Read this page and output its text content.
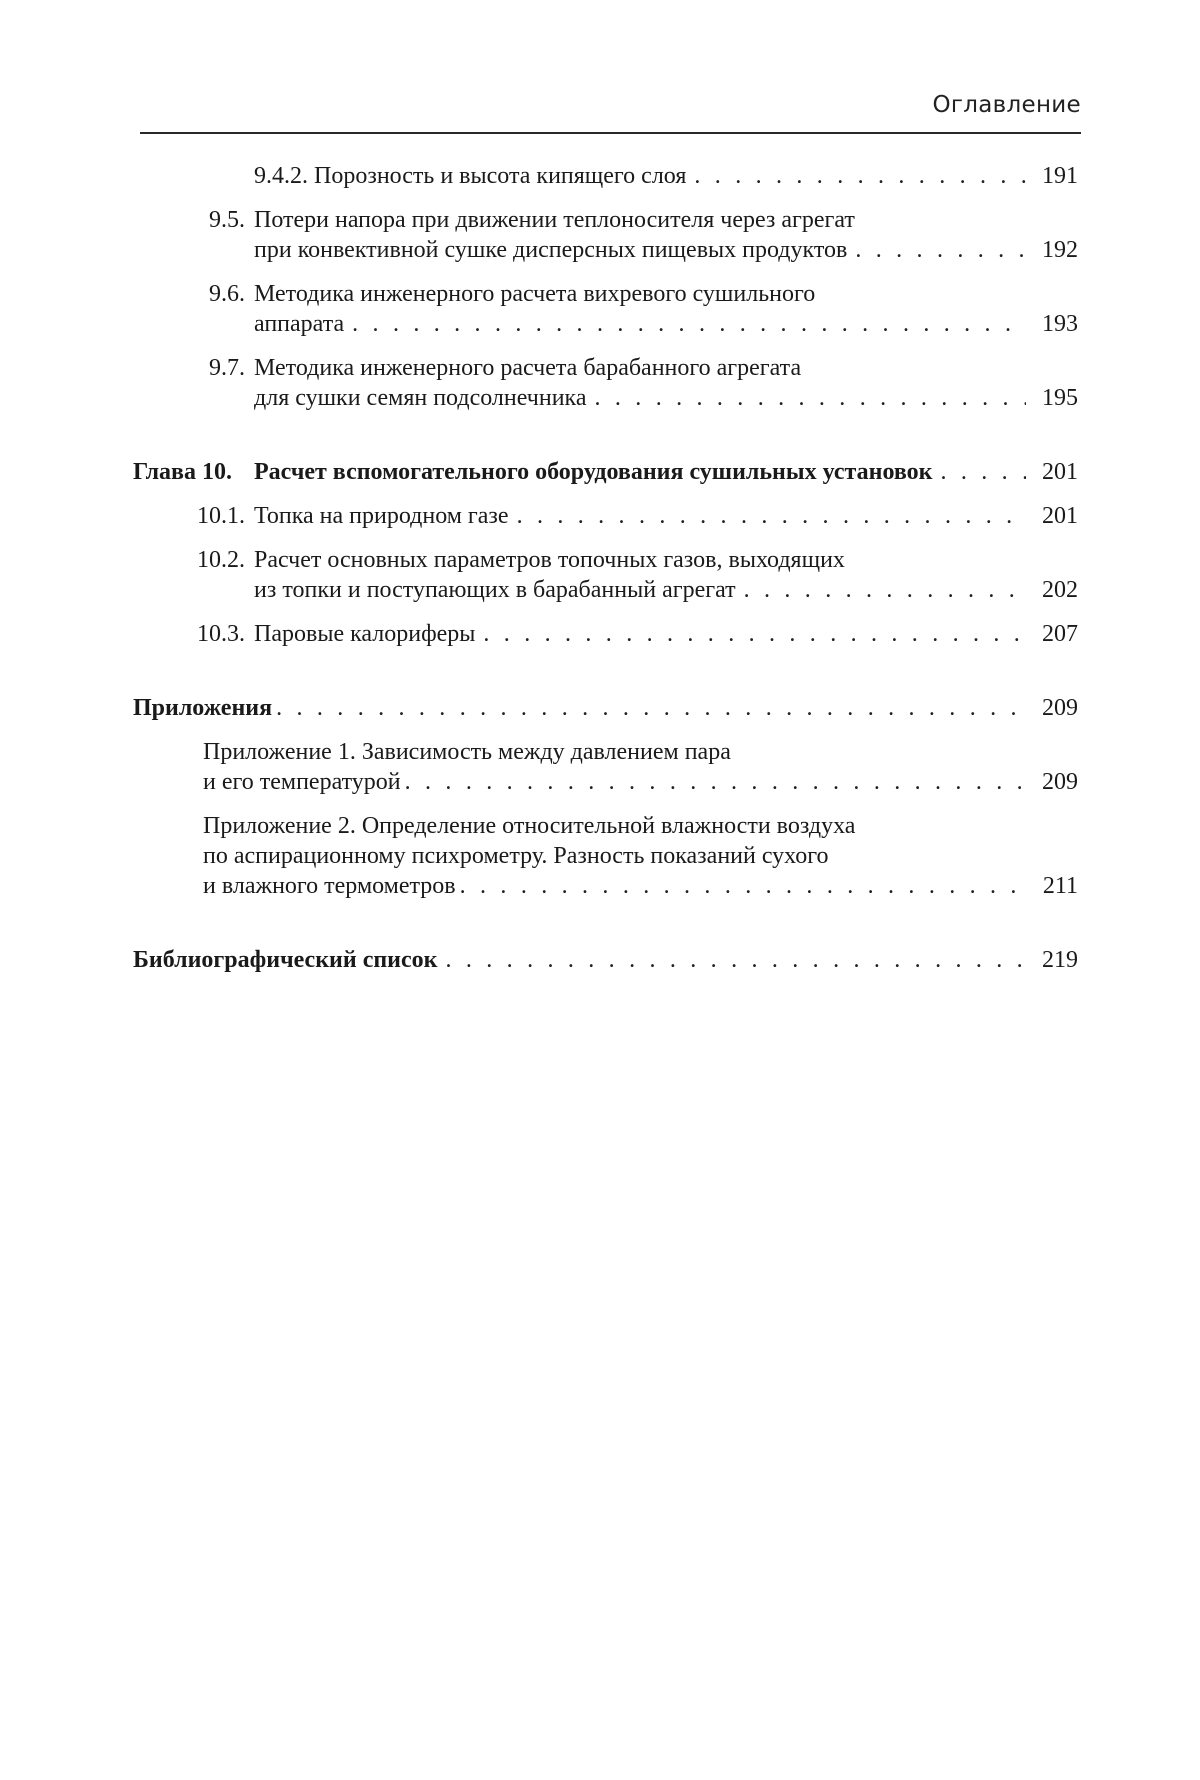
Оглавление
9.4.2. Порозность и высота кипящего слоя . . .	191
9.5. Потери напора при движении теплоносителя через агрегат
при конвективной сушке дисперсных пищевых продуктов . . .	192
9.6. Методика инженерного расчета вихревого сушильного
аппарата . . .	193
9.7. Методика инженерного расчета барабанного агрегата
для сушки семян подсолнечника . . .	195
Глава 10. Расчет вспомогательного оборудования сушильных установок . . .	201
10.1. Топка на природном газе . . .	201
10.2. Расчет основных параметров топочных газов, выходящих
из топки и поступающих в барабанный агрегат . . .	202
10.3. Паровые калориферы . . .	207
Приложения . . .	209
Приложение 1. Зависимость между давлением пара
и его температурой . . .	209
Приложение 2. Определение относительной влажности воздуха
по аспирационному психрометру. Разность показаний сухого
и влажного термометров . . .	211
Библиографический список . . .	219
